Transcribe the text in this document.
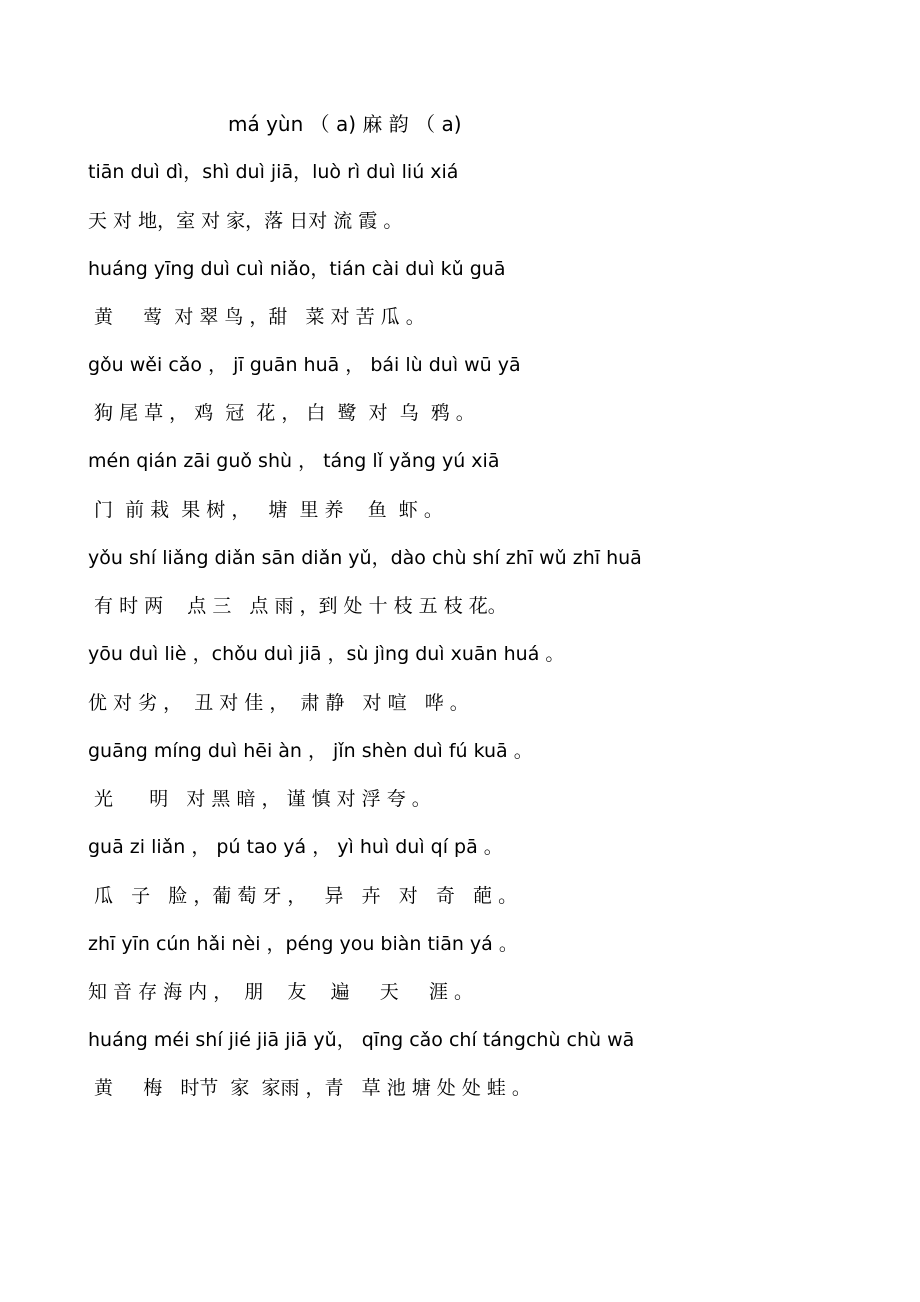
má yùn （ a) 麻 韵 （ a)
tiān duì dì，shì duì jiā，luò rì duì liú xiá
天 对 地，室 对 家，落 日对 流 霞 。
huáng yīng duì cuì niǎo，tián cài duì kǔ guā
黄     莺  对 翠 鸟 ，甜   菜 对 苦 瓜 。
gǒu wěi cǎo ， jī guān huā ， bái lù duì wū yā
狗 尾 草 ， 鸡  冠  花 ， 白  鹭  对  乌  鸦 。
mén qián zāi guǒ shù ， táng lǐ yǎng yú xiā
门  前 栽  果 树 ，   塘  里 养    鱼  虾 。
yǒu shí liǎng diǎn sān diǎn yǔ，dào chù shí zhī wǔ zhī huā
有 时 两    点 三   点 雨 ，到 处 十 枝 五 枝 花。
yōu duì liè ，chǒu duì jiā ，sù jìng duì xuān huá 。
优 对 劣 ，  丑 对 佳 ，  肃 静   对 喧   哗 。
guāng míng duì hēi àn ， jǐn shèn duì fú kuā 。
光      明   对 黑 暗 ， 谨 慎 对 浮 夸 。
guā zi liǎn ， pú tao yá ， yì huì duì qí pā 。
瓜   子   脸 ，葡 萄 牙 ，   异   卉   对   奇   葩 。
zhī yīn cún hǎi nèi ，péng you biàn tiān yá 。
知 音 存 海 内 ，  朋    友    遍     天     涯 。
huáng méi shí jié jiā jiā yǔ， qīng cǎo chí tángchù chù wā
黄     梅   时节  家  家雨 ，青   草 池 塘 处 处 蛙 。
